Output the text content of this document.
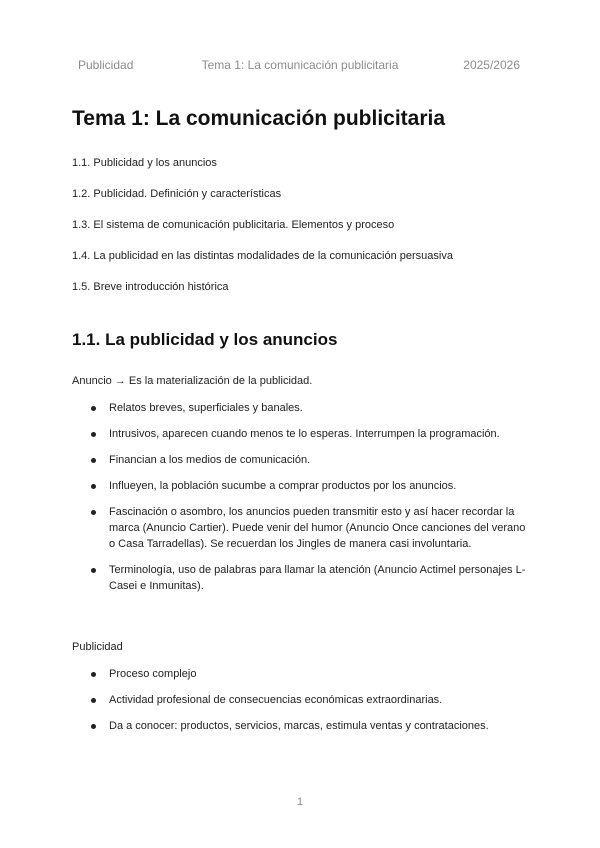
Publicidad	Tema 1: La comunicación publicitaria	2025/2026
Tema 1: La comunicación publicitaria
1.1. Publicidad y los anuncios
1.2. Publicidad. Definición y características
1.3. El sistema de comunicación publicitaria. Elementos y proceso
1.4. La publicidad en las distintas modalidades de la comunicación persuasiva
1.5. Breve introducción histórica
1.1. La publicidad y los anuncios

Anuncio → Es la materialización de la publicidad.

Relatos breves, superficiales y banales.
Intrusivos, aparecen cuando menos te lo esperas. Interrumpen la programación.
Financian a los medios de comunicación.
Influeyen, la población sucumbe a comprar productos por los anuncios.
Fascinación o asombro, los anuncios pueden transmitir esto y así hacer recordar la marca (Anuncio Cartier). Puede venir del humor (Anuncio Once canciones del verano o Casa Tarradellas). Se recuerdan los Jingles de manera casi involuntaria.
Terminología, uso de palabras para llamar la atención (Anuncio Actimel personajes L-Casei e Inmunitas).

Publicidad

Proceso complejo
Actividad profesional de consecuencias económicas extraordinarias.
Da a conocer: productos, servicios, marcas, estimula ventas y contrataciones.
1
